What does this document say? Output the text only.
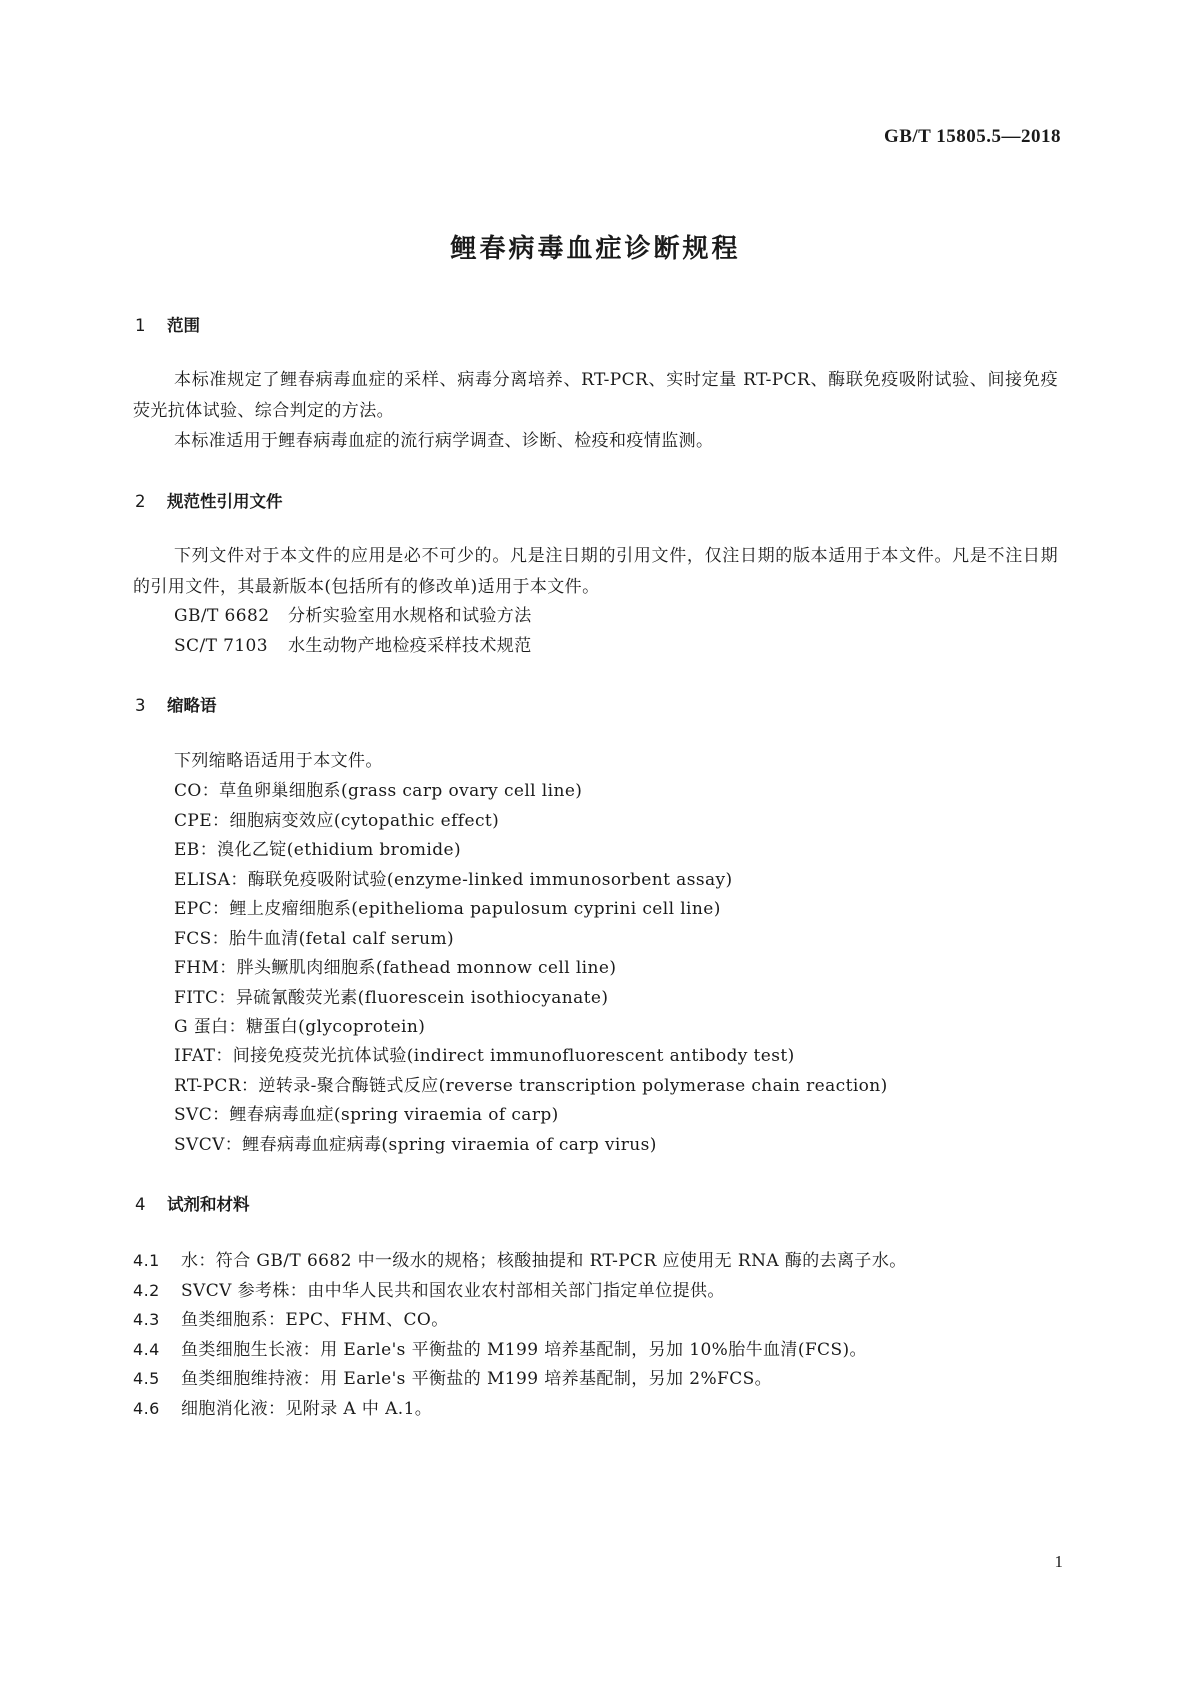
GB/T 15805.5—2018
鲤春病毒血症诊断规程
1 范围
本标准规定了鲤春病毒血症的采样、病毒分离培养、RT-PCR、实时定量 RT-PCR、酶联免疫吸附试验、间接免疫荧光抗体试验、综合判定的方法。
本标准适用于鲤春病毒血症的流行病学调查、诊断、检疫和疫情监测。
2 规范性引用文件
下列文件对于本文件的应用是必不可少的。凡是注日期的引用文件，仅注日期的版本适用于本文件。凡是不注日期的引用文件，其最新版本(包括所有的修改单)适用于本文件。
GB/T 6682 分析实验室用水规格和试验方法
SC/T 7103 水生动物产地检疫采样技术规范
3 缩略语
下列缩略语适用于本文件。
CO：草鱼卵巢细胞系(grass carp ovary cell line)
CPE：细胞病变效应(cytopathic effect)
EB：溴化乙锭(ethidium bromide)
ELISA：酶联免疫吸附试验(enzyme-linked immunosorbent assay)
EPC：鲤上皮瘤细胞系(epithelioma papulosum cyprini cell line)
FCS：胎牛血清(fetal calf serum)
FHM：胖头鳜肌肉细胞系(fathead monnow cell line)
FITC：异硫氰酸荧光素(fluorescein isothiocyanate)
G 蛋白：糖蛋白(glycoprotein)
IFAT：间接免疫荧光抗体试验(indirect immunofluorescent antibody test)
RT-PCR：逆转录-聚合酶链式反应(reverse transcription polymerase chain reaction)
SVC：鲤春病毒血症(spring viraemia of carp)
SVCV：鲤春病毒血症病毒(spring viraemia of carp virus)
4 试剂和材料
4.1 水：符合 GB/T 6682 中一级水的规格；核酸抽提和 RT-PCR 应使用无 RNA 酶的去离子水。
4.2 SVCV 参考株：由中华人民共和国农业农村部相关部门指定单位提供。
4.3 鱼类细胞系：EPC、FHM、CO。
4.4 鱼类细胞生长液：用 Earle's 平衡盐的 M199 培养基配制，另加 10%胎牛血清(FCS)。
4.5 鱼类细胞维持液：用 Earle's 平衡盐的 M199 培养基配制，另加 2%FCS。
4.6 细胞消化液：见附录 A 中 A.1。
1
